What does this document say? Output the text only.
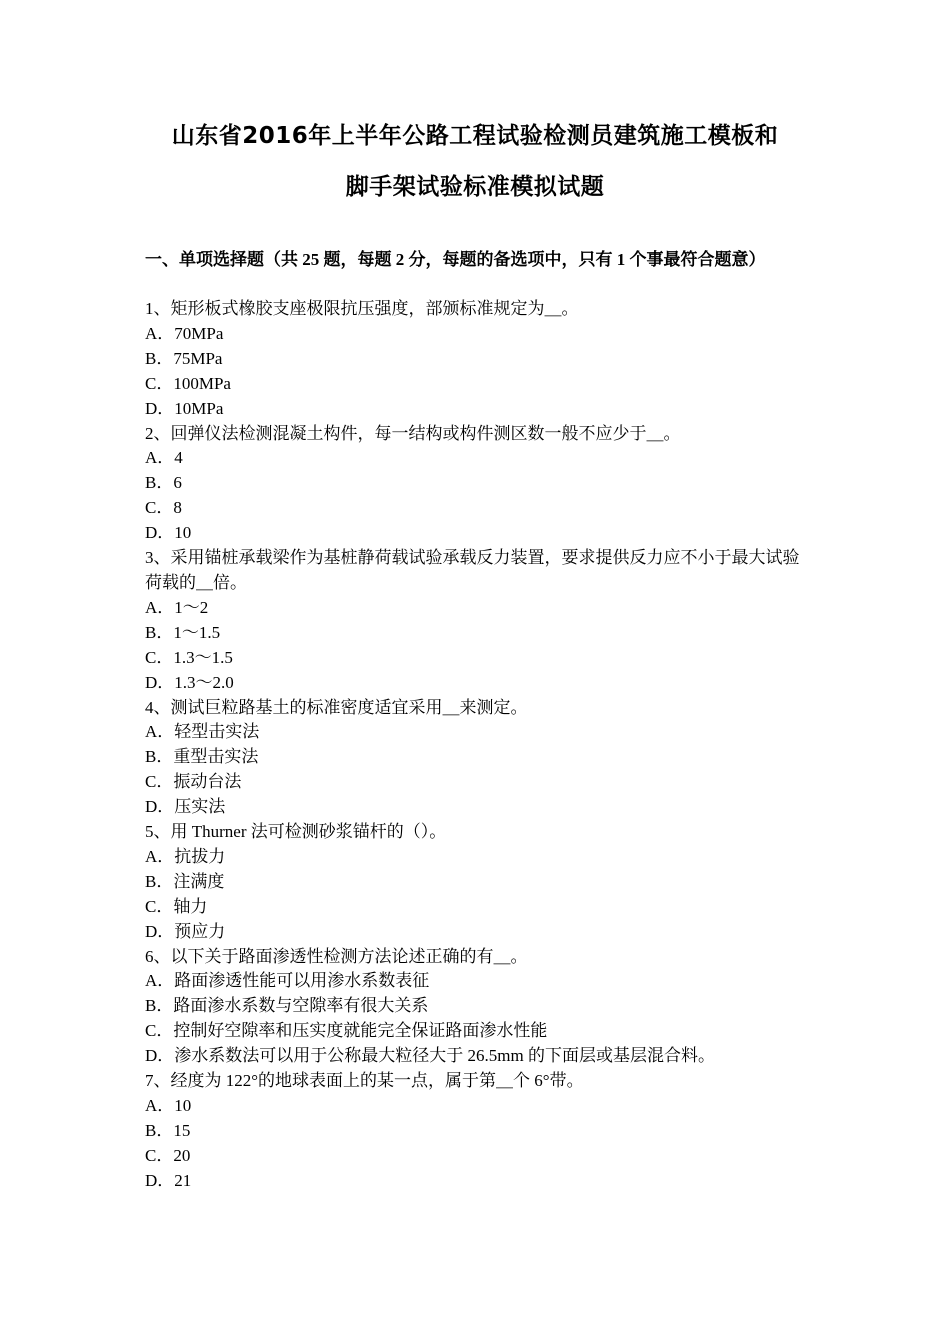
山东省2016年上半年公路工程试验检测员建筑施工模板和
脚手架试验标准模拟试题
一、单项选择题（共 25 题，每题 2 分，每题的备选项中，只有 1 个事最符合题意）
1、矩形板式橡胶支座极限抗压强度，部颁标准规定为＿。
A．70MPa
B．75MPa
C．100MPa
D．10MPa
2、回弹仪法检测混凝土构件，每一结构或构件测区数一般不应少于＿。
A．4
B．6
C．8
D．10
3、采用锚桩承载梁作为基桩静荷载试验承载反力装置，要求提供反力应不小于最大试验荷载的＿倍。
A．1～2
B．1～1.5
C．1.3～1.5
D．1.3～2.0
4、测试巨粒路基土的标准密度适宜采用＿来测定。
A．轻型击实法
B．重型击实法
C．振动台法
D．压实法
5、用 Thurner 法可检测砂浆锚杆的（）。
A．抗拔力
B．注满度
C．轴力
D．预应力
6、以下关于路面渗透性检测方法论述正确的有＿。
A．路面渗透性能可以用渗水系数表征
B．路面渗水系数与空隙率有很大关系
C．控制好空隙率和压实度就能完全保证路面渗水性能
D．渗水系数法可以用于公称最大粒径大于 26.5mm 的下面层或基层混合料。
7、经度为 122°的地球表面上的某一点，属于第＿个 6°带。
A．10
B．15
C．20
D．21
